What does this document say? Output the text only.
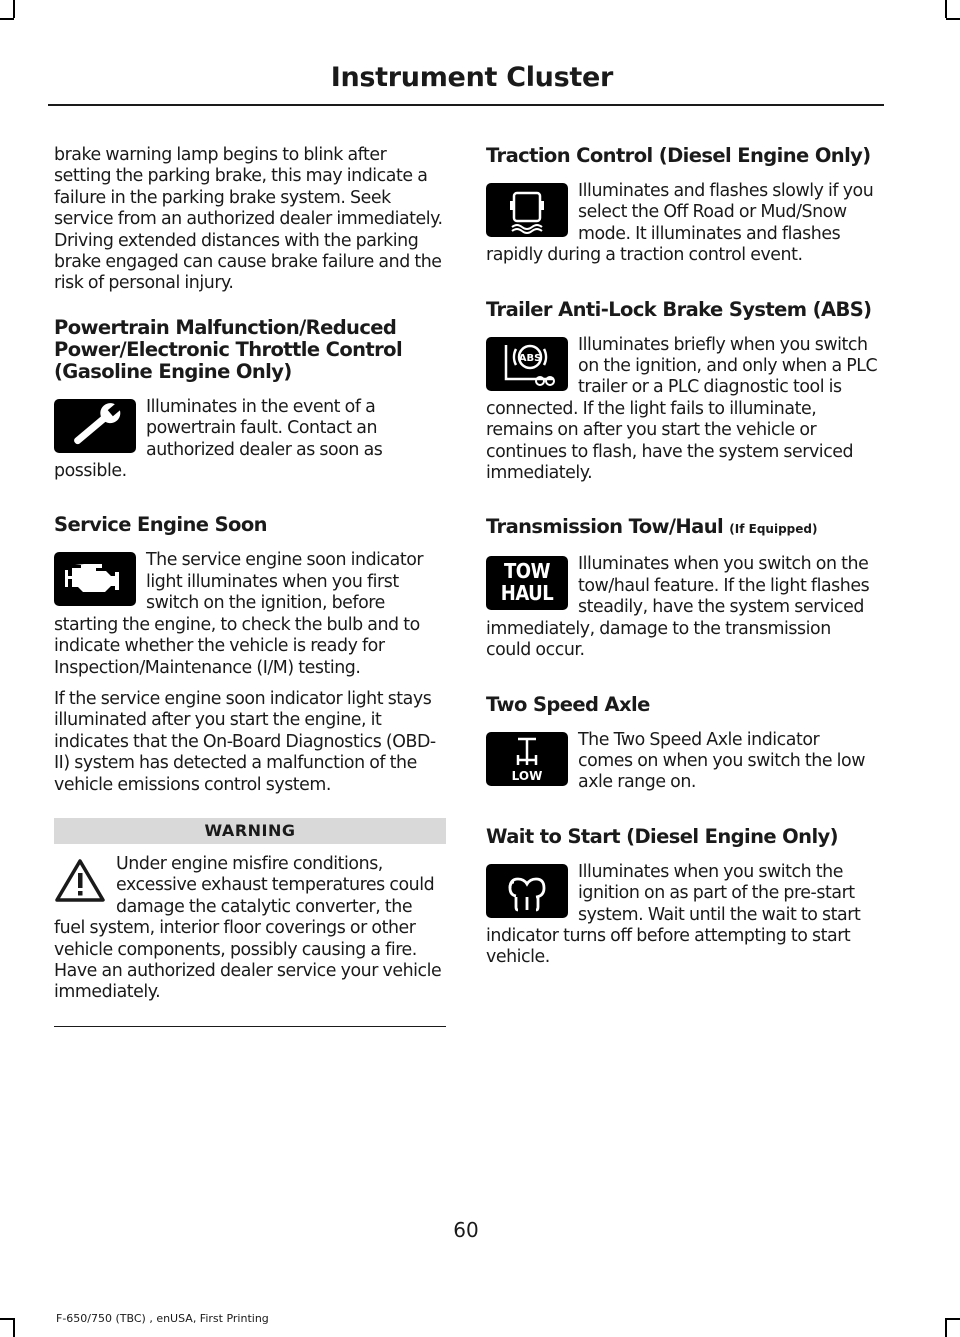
Instrument Cluster

brake warning lamp begins to blink after setting the parking brake, this may indicate a failure in the parking brake system. Seek service from an authorized dealer immediately. Driving extended distances with the parking brake engaged can cause brake failure and the risk of personal injury.

Powertrain Malfunction/Reduced Power/Electronic Throttle Control (Gasoline Engine Only)

Illuminates in the event of a powertrain fault. Contact an authorized dealer as soon as possible.

Service Engine Soon

The service engine soon indicator light illuminates when you first switch on the ignition, before starting the engine, to check the bulb and to indicate whether the vehicle is ready for Inspection/Maintenance (I/M) testing.

If the service engine soon indicator light stays illuminated after you start the engine, it indicates that the On-Board Diagnostics (OBD-II) system has detected a malfunction of the vehicle emissions control system.

WARNING

Under engine misfire conditions, excessive exhaust temperatures could damage the catalytic converter, the fuel system, interior floor coverings or other vehicle components, possibly causing a fire. Have an authorized dealer service your vehicle immediately.

Traction Control (Diesel Engine Only)

Illuminates and flashes slowly if you select the Off Road or Mud/Snow mode. It illuminates and flashes rapidly during a traction control event.

Trailer Anti-Lock Brake System (ABS)
ABS

Illuminates briefly when you switch on the ignition, and only when a PLC trailer or a PLC diagnostic tool is connected. If the light fails to illuminate, remains on after you start the vehicle or continues to flash, have the system serviced immediately.

Transmission Tow/Haul (If Equipped)
TOW
HAUL

Illuminates when you switch on the tow/haul feature. If the light flashes steadily, have the system serviced immediately, damage to the transmission could occur.

Two Speed Axle
LOW

The Two Speed Axle indicator comes on when you switch the low axle range on.

Wait to Start (Diesel Engine Only)

Illuminates when you switch the ignition on as part of the pre-start system. Wait until the wait to start indicator turns off before attempting to start vehicle.

60
F-650/750 (TBC) , enUSA, First Printing
